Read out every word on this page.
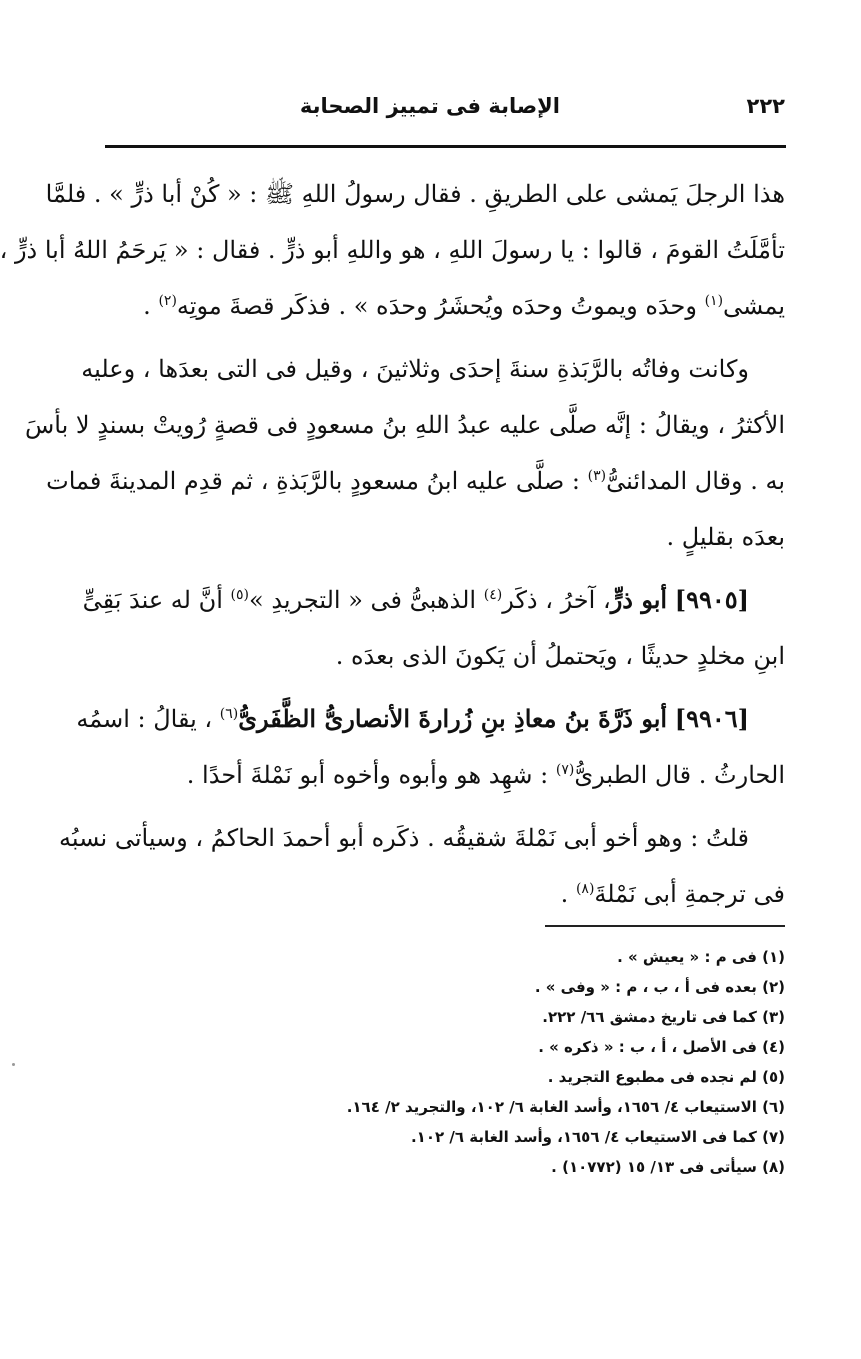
٢٢٢
الإصابة فى تمييز الصحابة

هذا الرجلَ يَمشى على الطريقِ . فقال رسولُ اللهِ ﷺ : « كُنْ أبا ذرٍّ » . فلمَّا
تأمَّلَتُ القومَ ، قالوا : يا رسولَ اللهِ ، هو واللهِ أبو ذرٍّ . فقال : « يَرحَمُ اللهُ أبا ذرٍّ ،
يمشى$^{(١)}$ وحدَه ويموتُ وحدَه ويُحشَرُ وحدَه » . فذكَر قصةَ موتِه$^{(٢)}$ .

وكانت وفاتُه بالرَّبَذةِ سنةَ إحدَى وثلاثينَ ، وقيل فى التى بعدَها ، وعليه
الأكثرُ ، ويقالُ : إنَّه صلَّى عليه عبدُ اللهِ بنُ مسعودٍ فى قصةٍ رُويتْ بسندٍ لا بأسَ
به . وقال المدائنىُّ$^{(٣)}$ : صلَّى عليه ابنُ مسعودٍ بالرَّبَذةِ ، ثم قدِم المدينةَ فمات
بعدَه بقليلٍ .

[٩٩٠٥] أبو ذرٍّ، آخرُ ، ذكَر$^{(٤)}$ الذهبىُّ فى « التجريدِ »$^{(٥)}$ أنَّ له عندَ بَقِىٍّ
ابنِ مخلدٍ حديثًا ، ويَحتملُ أن يَكونَ الذى بعدَه .

[٩٩٠٦] أبو ذَرَّةَ بنُ معاذِ بنِ زُرارةَ الأنصارىُّ الظَّفَرىُّ$^{(٦)}$ ، يقالُ : اسمُه
الحارثُ . قال الطبرىُّ$^{(٧)}$ : شهِد هو وأبوه وأخوه أبو نَمْلةَ أحدًا .

قلتُ : وهو أخو أبى نَمْلةَ شقيقُه . ذكَره أبو أحمدَ الحاكمُ ، وسيأتى نسبُه
فى ترجمةِ أبى نَمْلةَ$^{(٨)}$ .

(١) فى م : « يعيش » .
(٢) بعده فى أ ، ب ، م : « وفى » .
(٣) كما فى تاريخ دمشق ٦٦/ ٢٢٢.
(٤) فى الأصل ، أ ، ب : « ذكره » .
(٥) لم نجده فى مطبوع التجريد .
(٦) الاستيعاب ٤/ ١٦٥٦، وأسد الغابة ٦/ ١٠٢، والتجريد ٢/ ١٦٤.
(٧) كما فى الاستيعاب ٤/ ١٦٥٦، وأسد الغابة ٦/ ١٠٢.
(٨) سيأتى فى ١٣/ ١٥ (١٠٧٧٢) .
